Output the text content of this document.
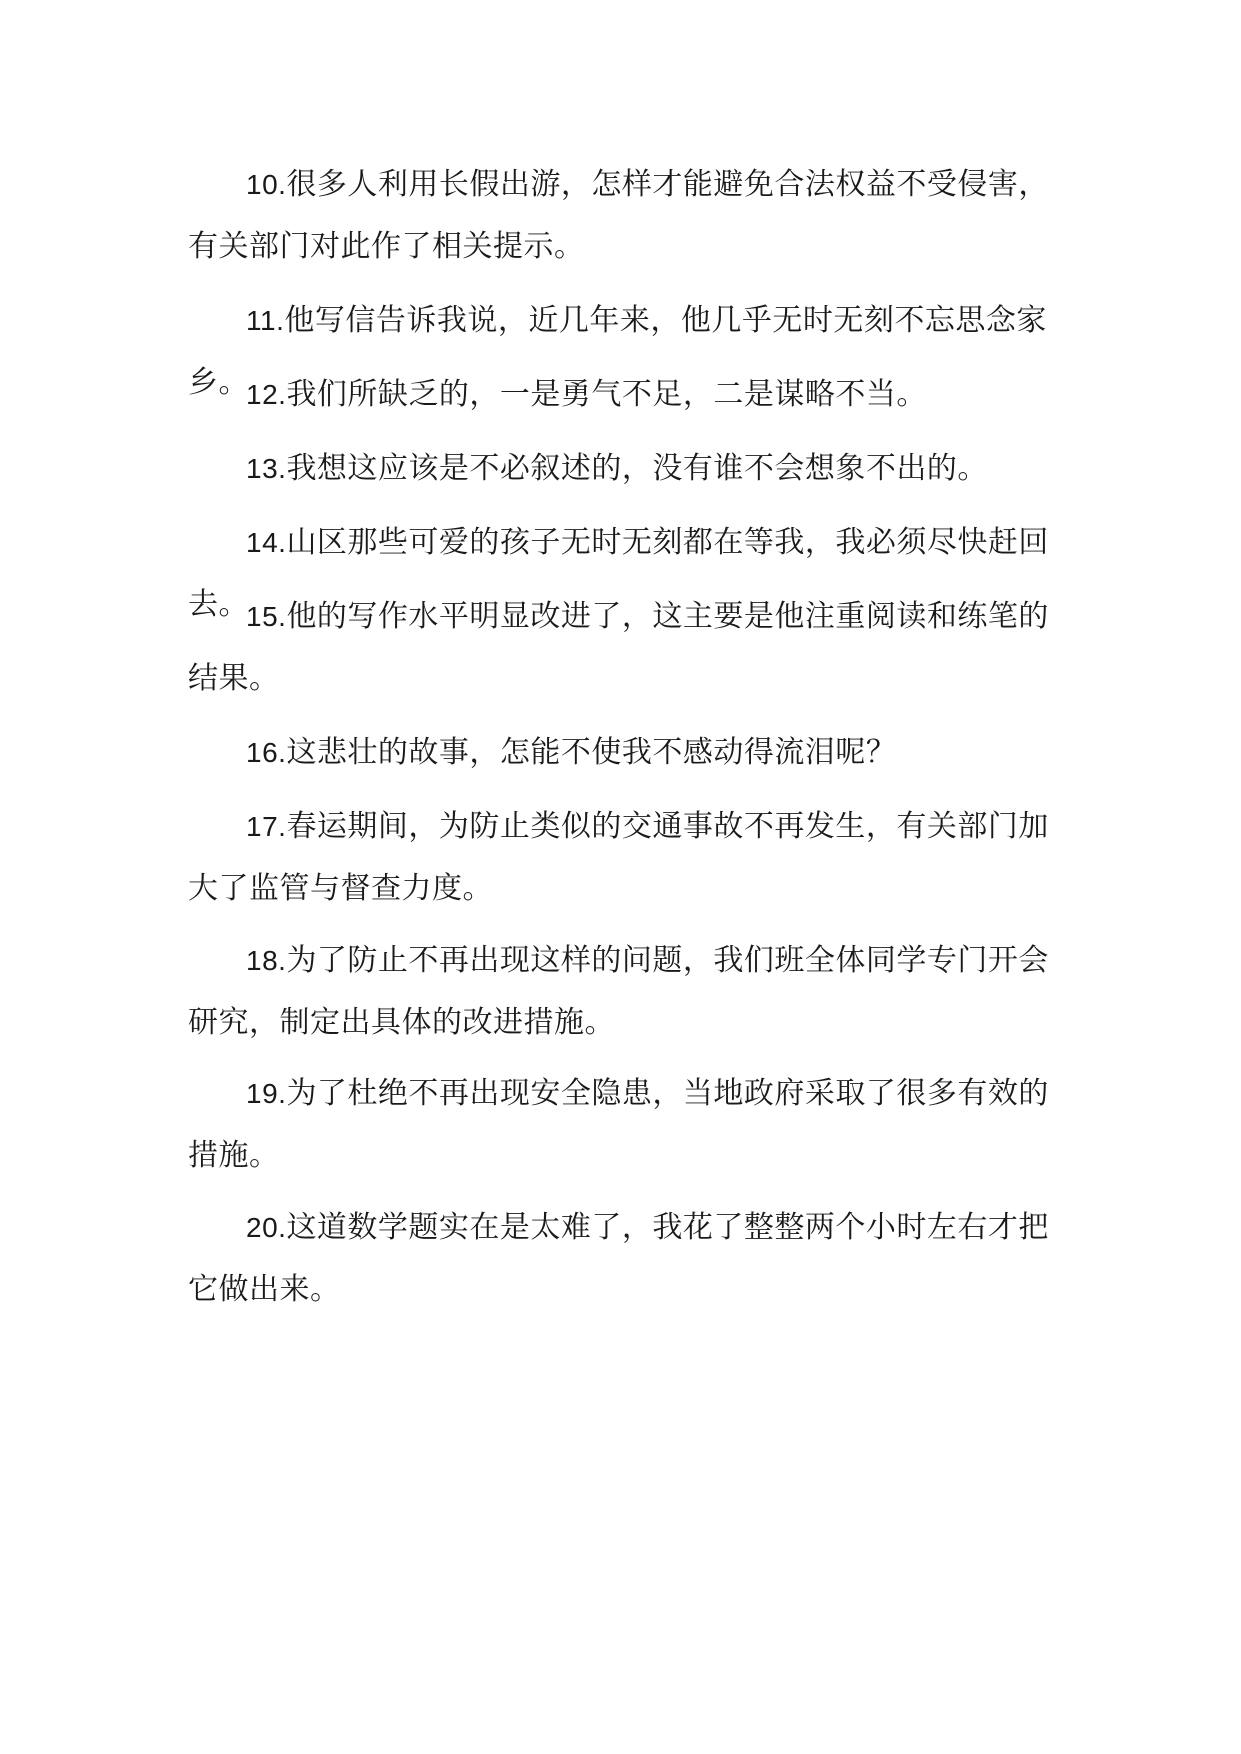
10.很多人利用长假出游，怎样才能避免合法权益不受侵害，有关部门对此作了相关提示。

11.他写信告诉我说，近几年来，他几乎无时无刻不忘思念家乡。

12.我们所缺乏的，一是勇气不足，二是谋略不当。

13.我想这应该是不必叙述的，没有谁不会想象不出的。

14.山区那些可爱的孩子无时无刻都在等我，我必须尽快赶回去。

15.他的写作水平明显改进了，这主要是他注重阅读和练笔的结果。

16.这悲壮的故事，怎能不使我不感动得流泪呢？

17.春运期间，为防止类似的交通事故不再发生，有关部门加大了监管与督查力度。

18.为了防止不再出现这样的问题，我们班全体同学专门开会研究，制定出具体的改进措施。

19.为了杜绝不再出现安全隐患，当地政府采取了很多有效的措施。

20.这道数学题实在是太难了，我花了整整两个小时左右才把它做出来。
